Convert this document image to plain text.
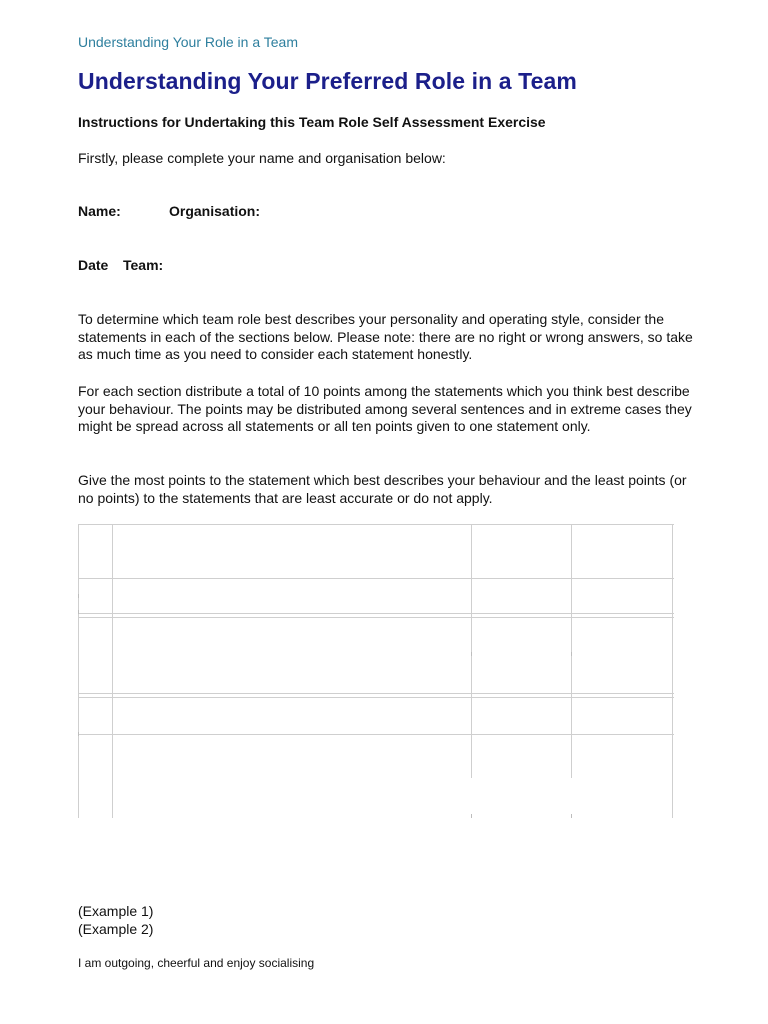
Understanding Your Role in a Team
Understanding Your Preferred Role in a Team
Instructions for Undertaking this Team Role Self Assessment Exercise
Firstly, please complete your name and organisation below:
Name:	Organisation:
Date Team:
To determine which team role best describes your personality and operating style, consider the statements in each of the sections below. Please note: there are no right or wrong answers, so take as much time as you need to consider each statement honestly.
For each section distribute a total of 10 points among the statements which you think best describe your behaviour. The points may be distributed among several sentences and in extreme cases they might be spread across all statements or all ten points given to one statement only.
Give the most points to the statement which best describes your behaviour and the least points (or no points) to the statements that are least accurate or do not apply.
(Example 1)
(Example 2)
I am outgoing, cheerful and enjoy socialising
